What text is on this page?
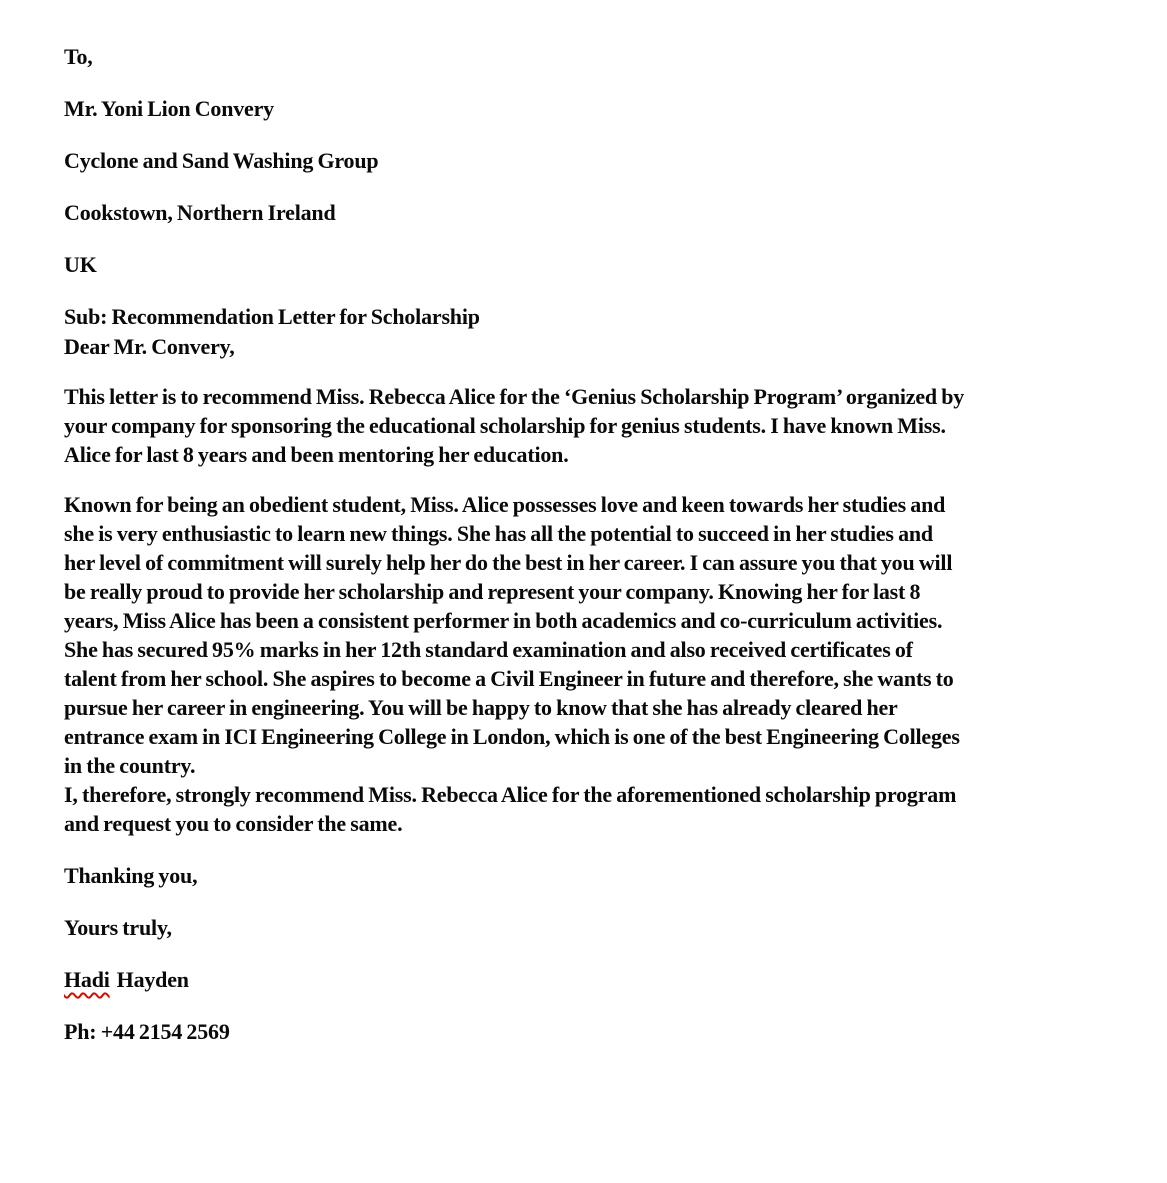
To,
Mr. Yoni Lion Convery
Cyclone and Sand Washing Group
Cookstown, Northern Ireland
UK
Sub: Recommendation Letter for Scholarship
Dear Mr. Convery,
This letter is to recommend Miss. Rebecca Alice for the ‘Genius Scholarship Program’ organized by
your company for sponsoring the educational scholarship for genius students. I have known Miss.
Alice for last 8 years and been mentoring her education.
Known for being an obedient student, Miss. Alice possesses love and keen towards her studies and
she is very enthusiastic to learn new things. She has all the potential to succeed in her studies and
her level of commitment will surely help her do the best in her career. I can assure you that you will
be really proud to provide her scholarship and represent your company. Knowing her for last 8
years, Miss Alice has been a consistent performer in both academics and co-curriculum activities.
She has secured 95% marks in her 12th standard examination and also received certificates of
talent from her school. She aspires to become a Civil Engineer in future and therefore, she wants to
pursue her career in engineering. You will be happy to know that she has already cleared her
entrance exam in ICI Engineering College in London, which is one of the best Engineering Colleges
in the country.
I, therefore, strongly recommend Miss. Rebecca Alice for the aforementioned scholarship program
and request you to consider the same.
Thanking you,
Yours truly,
Hadi Hayden
Ph: +44 2154 2569
